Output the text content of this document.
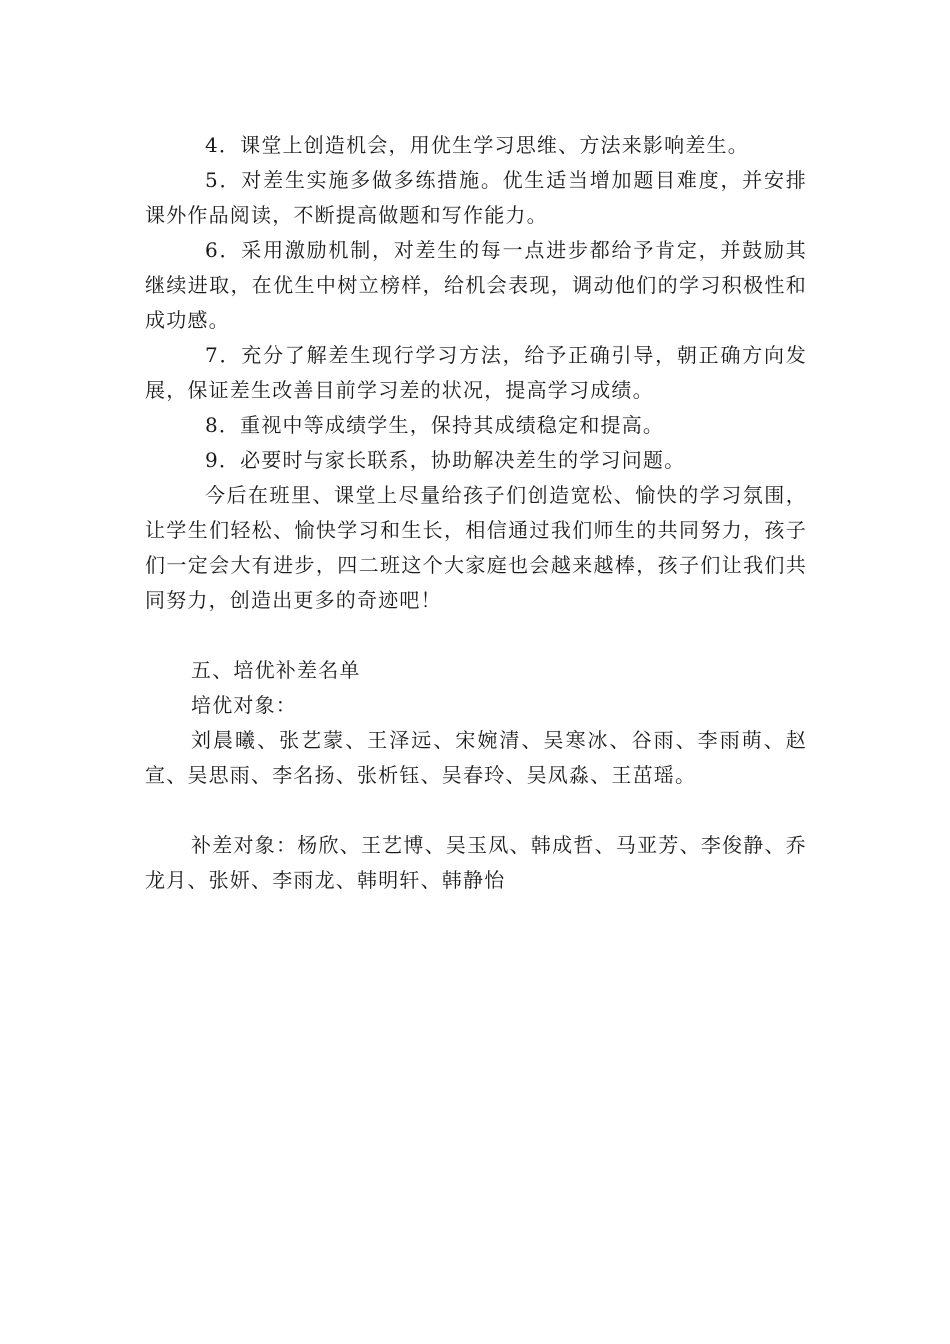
4．课堂上创造机会，用优生学习思维、方法来影响差生。

5．对差生实施多做多练措施。优生适当增加题目难度，并安排课外作品阅读，不断提高做题和写作能力。

6．采用激励机制，对差生的每一点进步都给予肯定，并鼓励其继续进取，在优生中树立榜样，给机会表现，调动他们的学习积极性和成功感。

7．充分了解差生现行学习方法，给予正确引导，朝正确方向发展，保证差生改善目前学习差的状况，提高学习成绩。

8．重视中等成绩学生，保持其成绩稳定和提高。

9．必要时与家长联系，协助解决差生的学习问题。

今后在班里、课堂上尽量给孩子们创造宽松、愉快的学习氛围，让学生们轻松、愉快学习和生长，相信通过我们师生的共同努力，孩子们一定会大有进步，四二班这个大家庭也会越来越棒，孩子们让我们共同努力，创造出更多的奇迹吧！

五、培优补差名单

培优对象：

刘晨曦、张艺蒙、王泽远、宋婉清、吴寒冰、谷雨、李雨萌、赵宣、吴思雨、李名扬、张析钰、吴春玲、吴凤淼、王茁瑶。

补差对象：杨欣、王艺博、吴玉凤、韩成哲、马亚芳、李俊静、乔龙月、张妍、李雨龙、韩明轩、韩静怡
